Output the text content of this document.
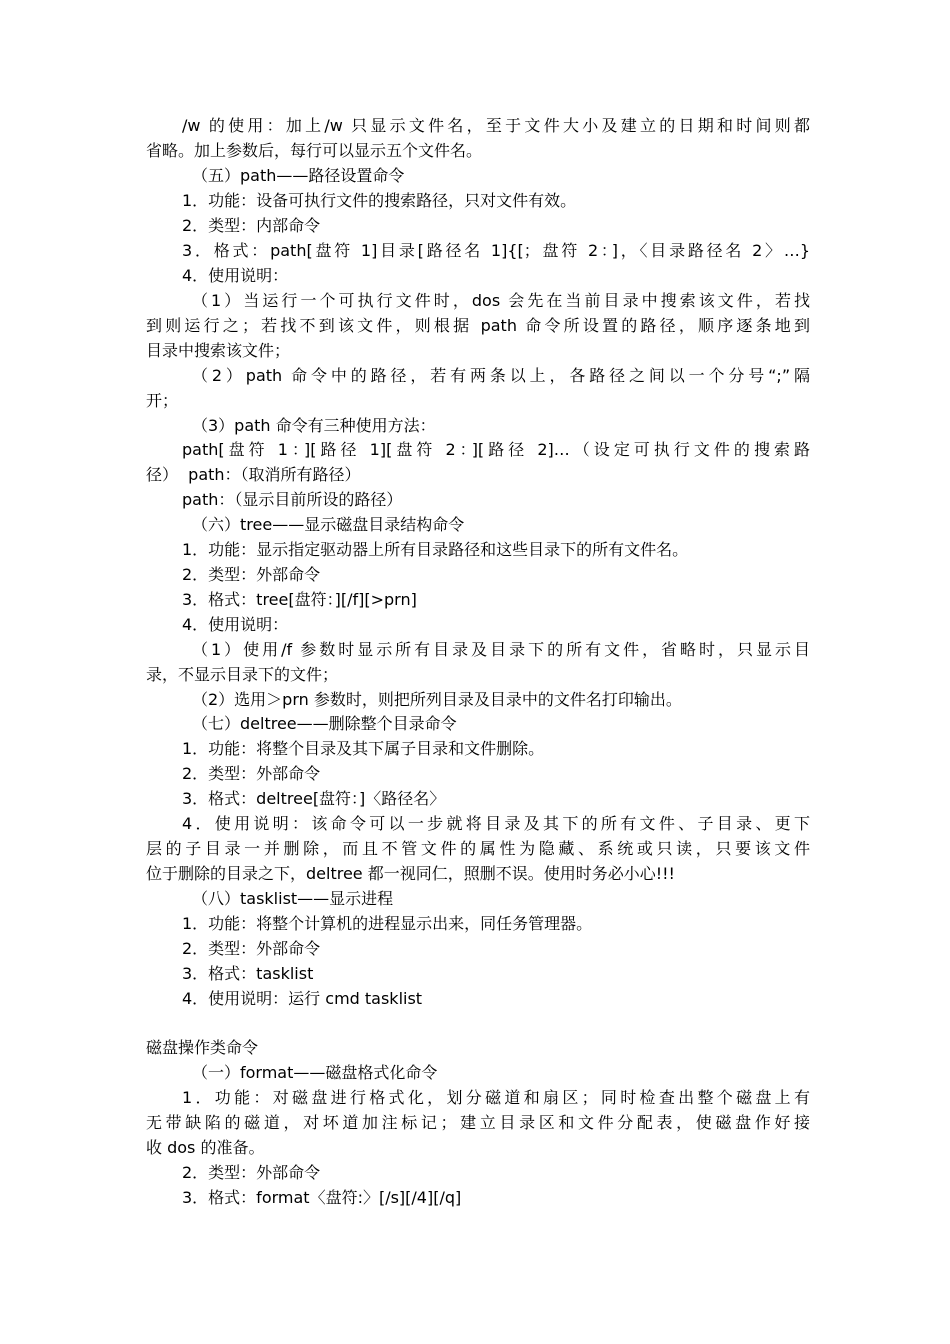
/w 的使用：加上/w 只显示文件名，至于文件大小及建立的日期和时间则都
省略。加上参数后，每行可以显示五个文件名。
（五）path——路径设置命令
1．功能：设备可执行文件的搜索路径，只对文件有效。
2．类型：内部命令
3．格式：path[盘符 1]目录[路径名 1]{[；盘符 2：]，〈目录路径名 2〉…}
4．使用说明：
（1）当运行一个可执行文件时，dos 会先在当前目录中搜索该文件，若找
到则运行之；若找不到该文件，则根据 path 命令所设置的路径，顺序逐条地到
目录中搜索该文件；
（2）path 命令中的路径，若有两条以上，各路径之间以一个分号“;”隔
开；
（3）path 命令有三种使用方法：
path[盘符 1：][路径 1][盘符 2：][路径 2]…（设定可执行文件的搜索路
径）  path：（取消所有路径）
path：（显示目前所设的路径）
（六）tree——显示磁盘目录结构命令
1．功能：显示指定驱动器上所有目录路径和这些目录下的所有文件名。
2．类型：外部命令
3．格式：tree[盘符：][/f][>prn]
4．使用说明：
（1）使用/f 参数时显示所有目录及目录下的所有文件，省略时，只显示目
录，不显示目录下的文件；
（2）选用＞prn 参数时，则把所列目录及目录中的文件名打印输出。
（七）deltree——删除整个目录命令
1．功能：将整个目录及其下属子目录和文件删除。
2．类型：外部命令
3．格式：deltree[盘符：]〈路径名〉
4．使用说明：该命令可以一步就将目录及其下的所有文件、子目录、更下
层的子目录一并删除，而且不管文件的属性为隐藏、系统或只读，只要该文件
位于删除的目录之下，deltree 都一视同仁，照删不误。使用时务必小心!!!
（八）tasklist——显示进程
1．功能：将整个计算机的进程显示出来，同任务管理器。
2．类型：外部命令
3．格式：tasklist
4．使用说明：运行 cmd tasklist
磁盘操作类命令
（一）format——磁盘格式化命令
1．功能：对磁盘进行格式化，划分磁道和扇区；同时检查出整个磁盘上有
无带缺陷的磁道，对坏道加注标记；建立目录区和文件分配表，使磁盘作好接
收 dos 的准备。
2．类型：外部命令
3．格式：format〈盘符:〉[/s][/4][/q]
